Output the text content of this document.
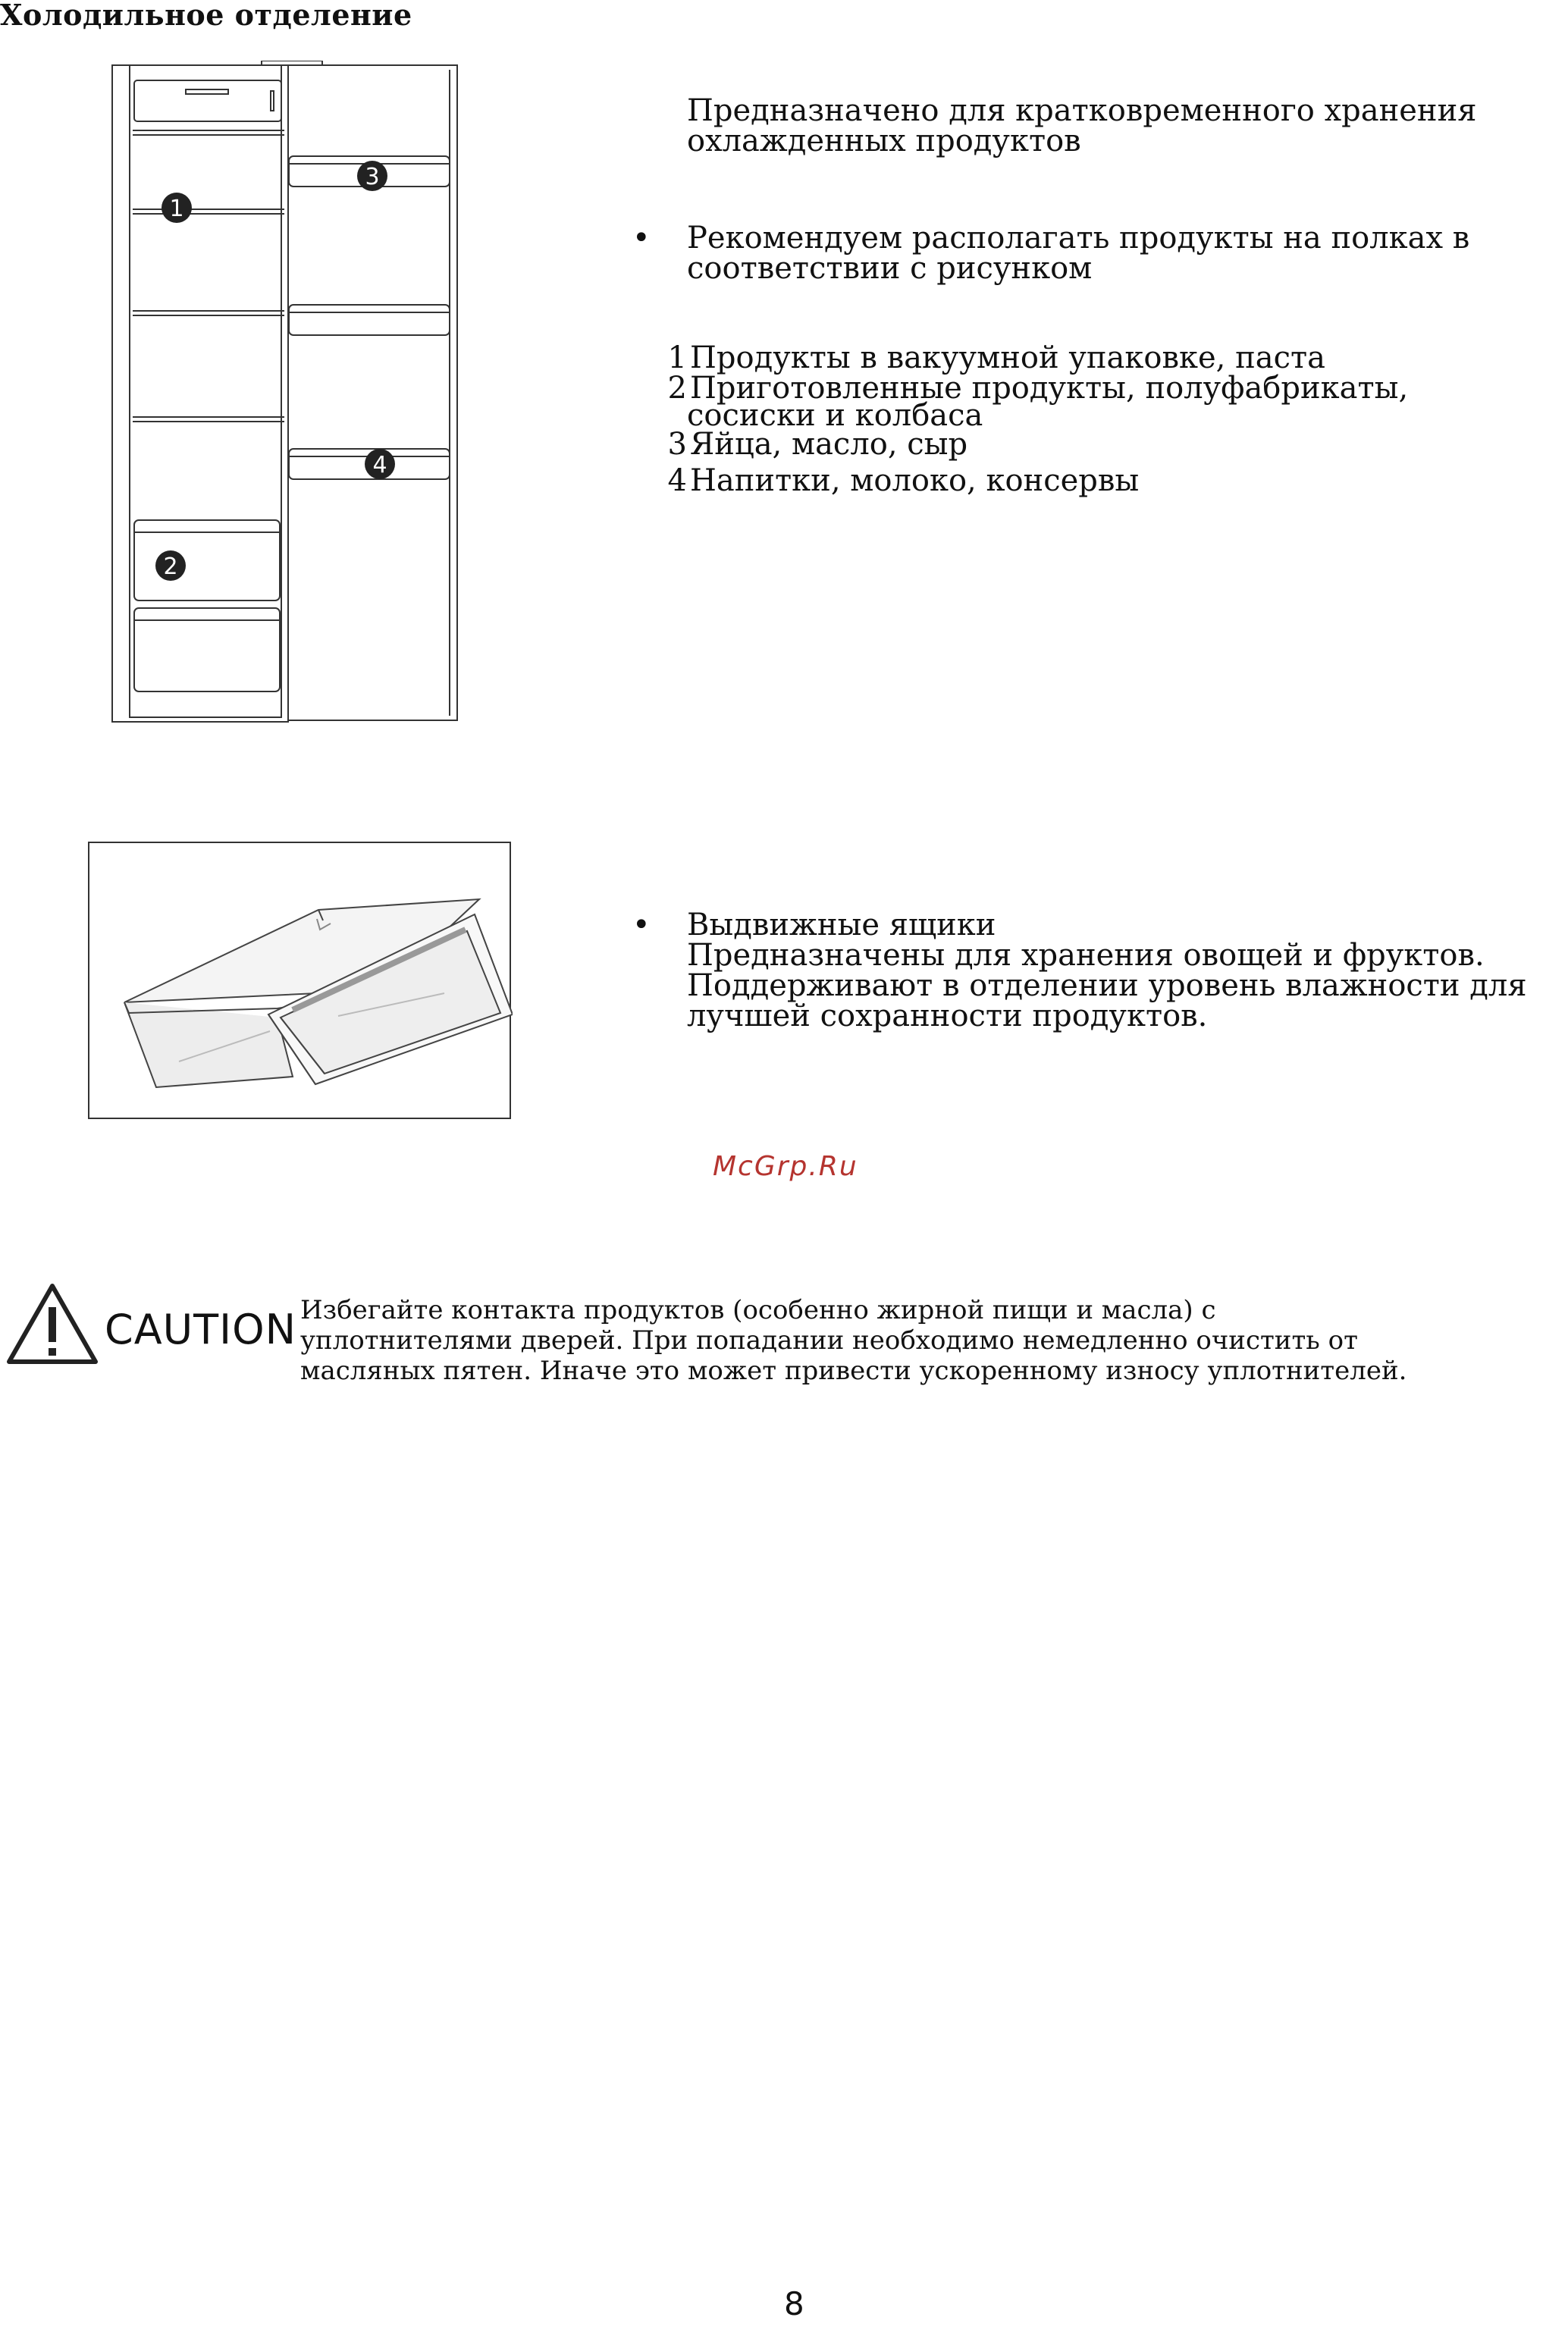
Холодильное отделение
1
2
3
4
Предназначено для кратковременного хранения
охлажденных продуктов
• Рекомендуем располагать продукты на полках в
соответствии с рисунком
1 Продукты в вакуумной упаковке, паста
2 Приготовленные продукты, полуфабрикаты,
сосиски и колбаса
3 Яйца, масло, сыр
4 Напитки, молоко, консервы
• Выдвижные ящики
Предназначены для хранения овощей и фруктов.
Поддерживают в отделении уровень влажности для
лучшей сохранности продуктов.
McGrp.Ru
CAUTION Избегайте контакта продуктов (особенно жирной пищи и масла) с
уплотнителями дверей. При попадании необходимо немедленно очистить от
масляных пятен. Иначе это может привести ускоренному износу уплотнителей.
8
